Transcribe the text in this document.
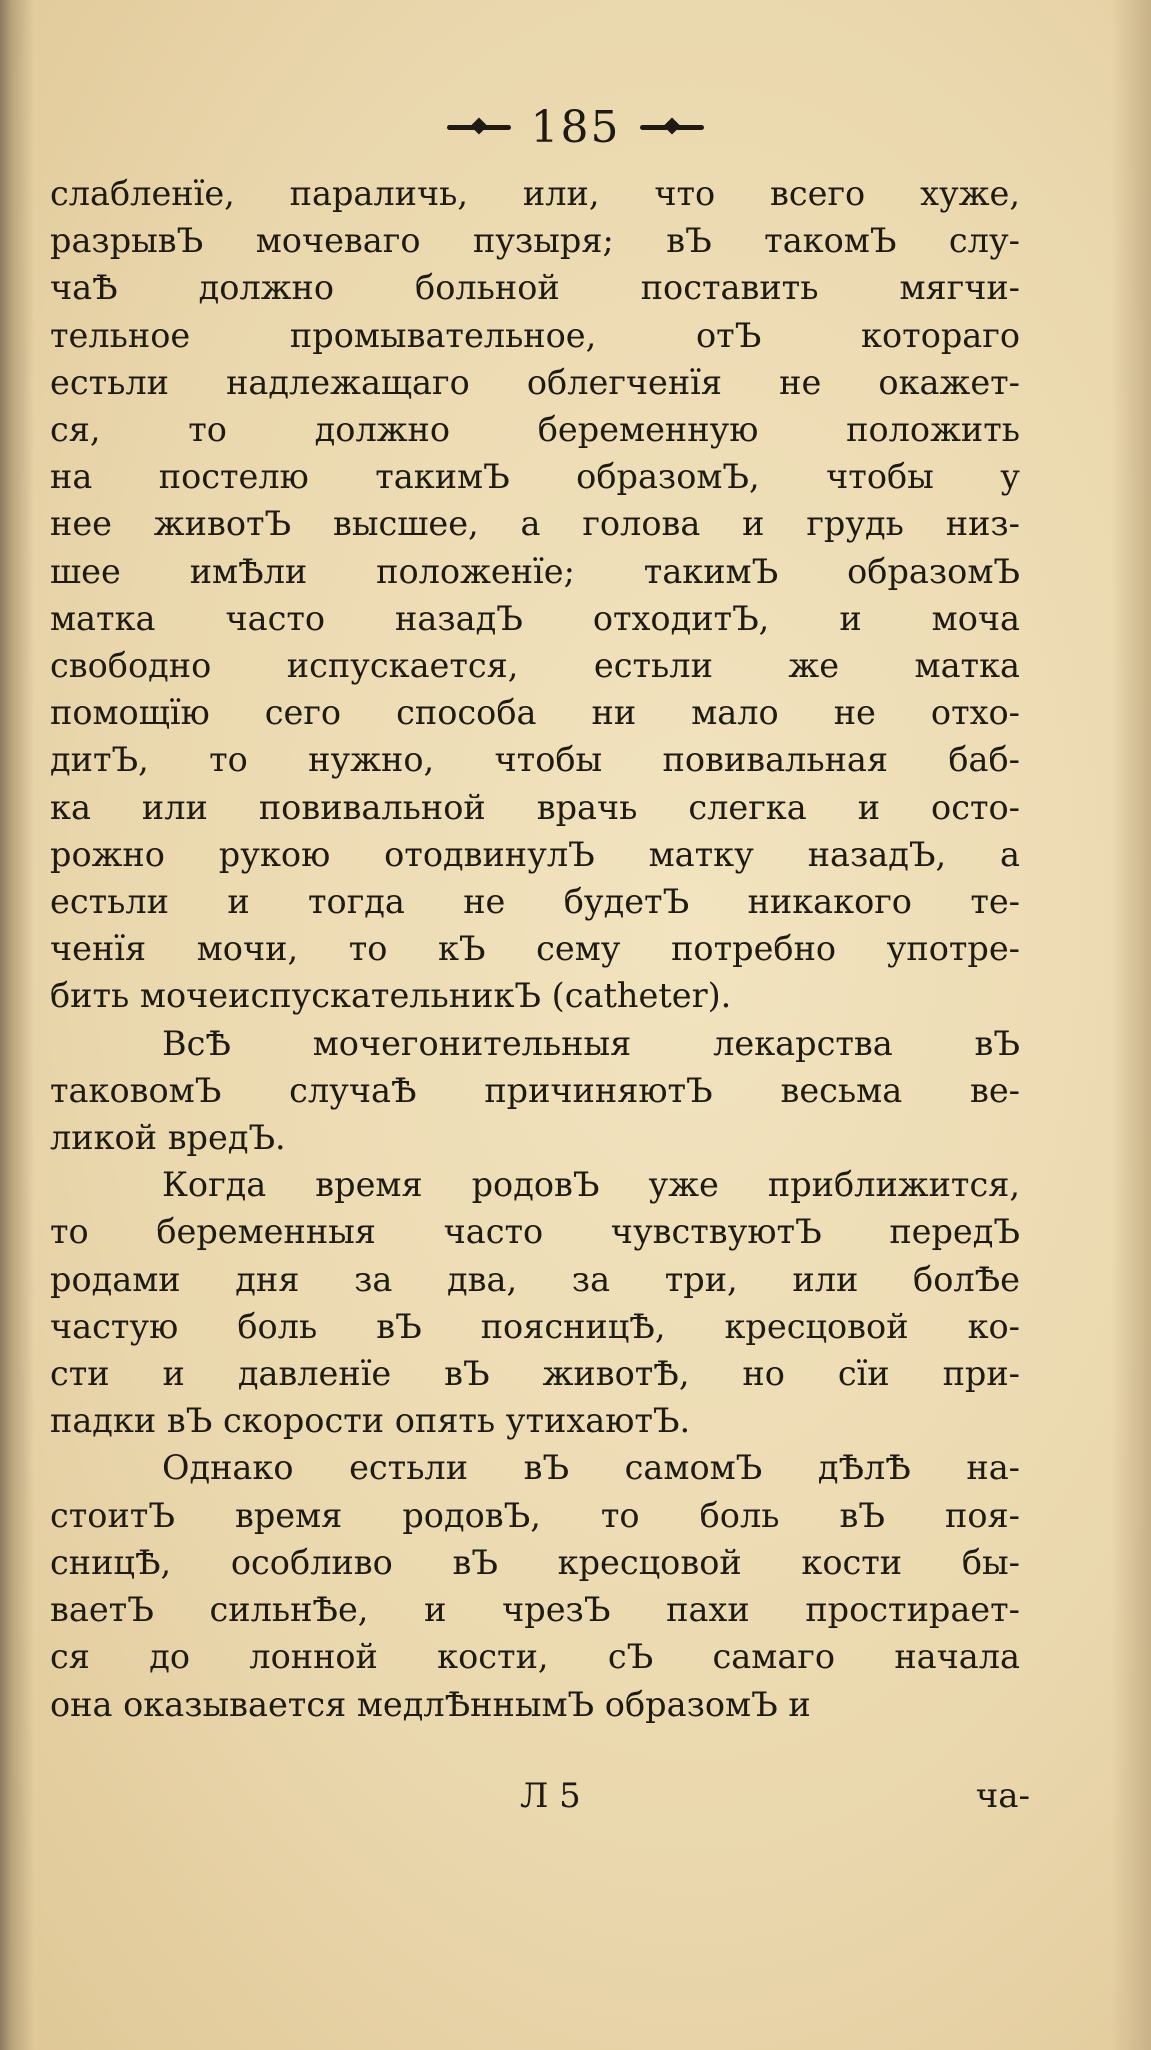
185
слабленїе, параличь, или, что всего хуже,
разрывЪ мочеваго пузыря; вЪ такомЪ слу-
чаѢ должно больной поставить мягчи-
тельное промывательное, отЪ котораго
естьли надлежащаго облегченїя не окажет-
ся, то должно беременную положить
на постелю такимЪ образомЪ, чтобы у
нее животЪ высшее, а голова и грудь низ-
шее имѢли положенїе; такимЪ образомЪ
матка часто назадЪ отходитЪ, и моча
свободно испускается, естьли же матка
помощїю сего способа ни мало не отхо-
дитЪ, то нужно, чтобы повивальная баб-
ка или повивальной врачь слегка и осто-
рожно рукою отодвинулЪ матку назадЪ, а
естьли и тогда не будетЪ никакого те-
ченїя мочи, то кЪ сему потребно употре-
бить мочеиспускательникЪ (catheter).
ВсѢ мочегонительныя лекарства вЪ
таковомЪ случаѢ причиняютЪ весьма ве-
ликой вредЪ.
Когда время родовЪ уже приближится,
то беременныя часто чувствуютЪ передЪ
родами дня за два, за три, или болѢе
частую боль вЪ поясницѢ, кресцовой ко-
сти и давленїе вЪ животѢ, но сїи при-
падки вЪ скорости опять утихаютЪ.
Однако естьли вЪ самомЪ дѢлѢ на-
стоитЪ время родовЪ, то боль вЪ поя-
сницѢ, особливо вЪ кресцовой кости бы-
ваетЪ сильнѢе, и чрезЪ пахи простирает-
ся до лонной кости, сЪ самаго начала
она оказывается медлѢннымЪ образомЪ и
Л 5	ча-
